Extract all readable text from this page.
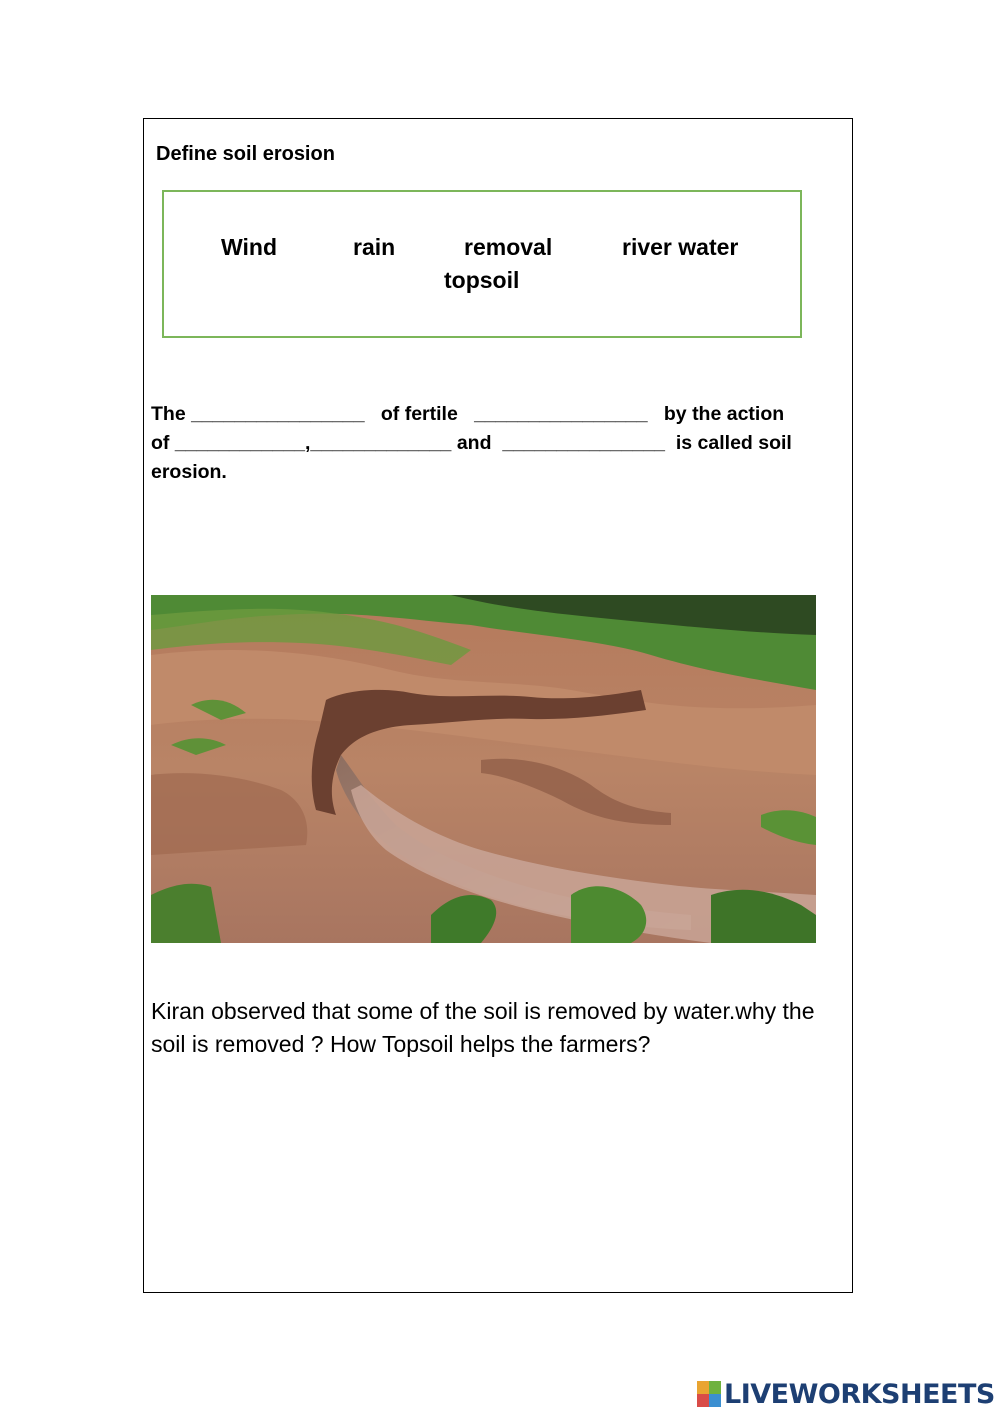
Define soil erosion
Wind	rain	removal	river water
topsoil
The ________________ of fertile ________________ by the action
of ____________,_____________ and _______________ is called soil
erosion.
Kiran observed that some of the soil is removed by water.why the soil is removed ? How Topsoil helps the farmers?
LIVEWORKSHEETS
